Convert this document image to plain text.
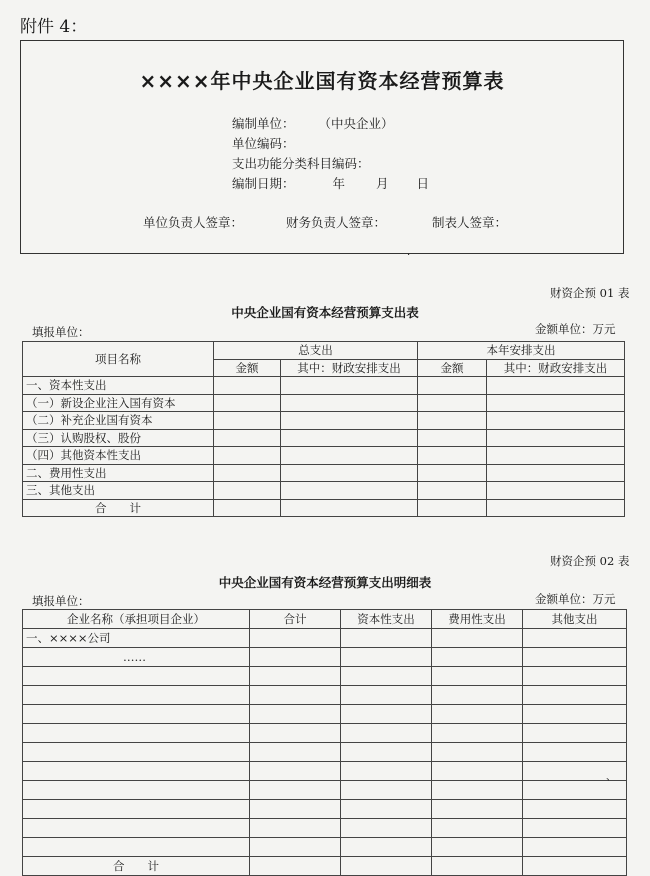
附件 4：
××××年中央企业国有资本经营预算表
编制单位： （中央企业）
单位编码：
支出功能分类科目编码：
编制日期：	年 月 日
单位负责人签章：	财务负责人签章：	制表人签章：
·
财资企预 01 表
中央企业国有资本经营预算支出表
填报单位：	金额单位：万元
项目名称	总支出		本年安排支出	
	金额	其中：财政安排支出	金额	其中：财政安排支出
一、资本性支出				
（一）新设企业注入国有资本				
（二）补充企业国有资本				
（三）认购股权、股份				
（四）其他资本性支出				
二、费用性支出				
三、其他支出				
合　　计				
财资企预 02 表
中央企业国有资本经营预算支出明细表
填报单位：	金额单位：万元
企业名称（承担项目企业）	合计	资本性支出	费用性支出	其他支出
一、××××公司				
……				

合　　计				
、
